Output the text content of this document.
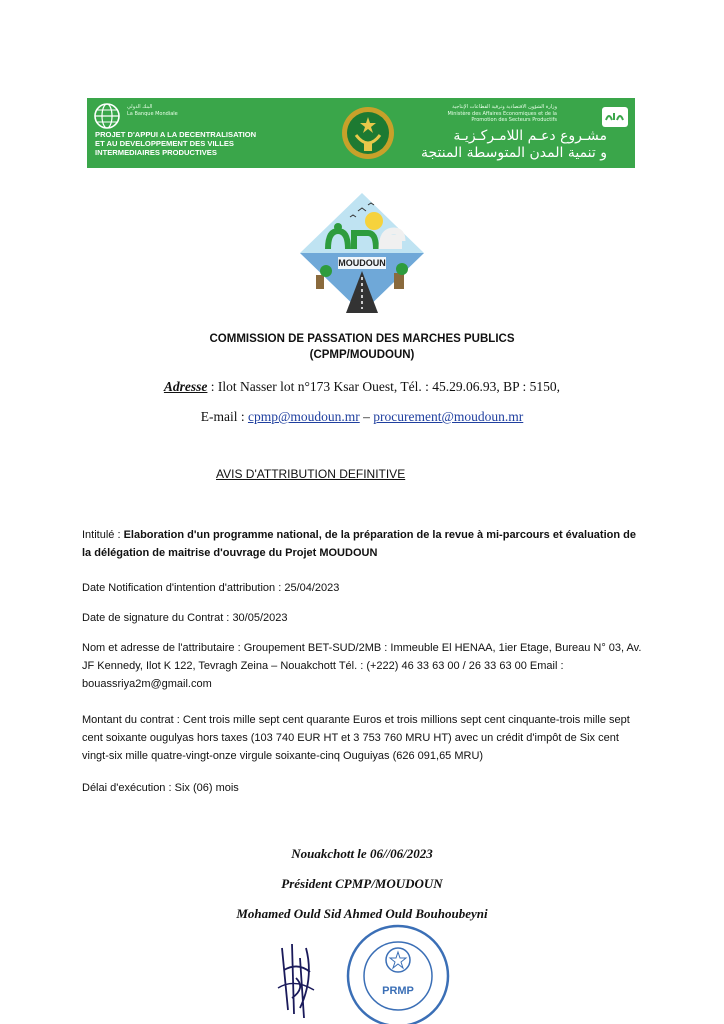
البنك الدولي
La Banque Mondiale
PROJET D'APPUI A LA DECENTRALISATION
ET AU DEVELOPPEMENT DES VILLES
INTERMEDIAIRES PRODUCTIVES
وزارة الشؤون الاقتصادية وترقية القطاعات الإنتاجية
Ministère des Affaires Economiques et de la
Promotion des Secteurs Productifs
مشـروع دعـم اللامـركـزيـة
و تنمية المدن المتوسطة المنتجة
MOUDOUN
COMMISSION DE PASSATION DES MARCHES PUBLICS
(CPMP/MOUDOUN)
Adresse : Ilot Nasser lot n°173 Ksar Ouest, Tél. : 45.29.06.93, BP : 5150,
E-mail : cpmp@moudoun.mr – procurement@moudoun.mr
AVIS D'ATTRIBUTION DEFINITIVE
Intitulé : Elaboration d'un programme national, de la préparation de la revue à mi-parcours et évaluation de la délégation de maitrise d'ouvrage du Projet MOUDOUN
Date Notification d'intention d'attribution : 25/04/2023
Date de signature du Contrat : 30/05/2023
Nom et adresse de l'attributaire : Groupement BET-SUD/2MB : Immeuble El HENAA, 1ier Etage, Bureau N° 03, Av. JF Kennedy, Ilot K 122, Tevragh Zeina – Nouakchott Tél. : (+222) 46 33 63 00 / 26 33 63 00 Email : bouassriya2m@gmail.com
Montant du contrat : Cent trois mille sept cent quarante Euros et trois millions sept cent cinquante-trois mille sept cent soixante ougulyas hors taxes (103 740 EUR HT et 3 753 760 MRU HT) avec un crédit d'impôt de Six cent vingt-six mille quatre-vingt-onze virgule soixante-cinq Ouguiyas (626 091,65 MRU)
Délai d'exécution : Six (06) mois
Nouakchott le 06//06/2023
Président CPMP/MOUDOUN
Mohamed Ould Sid Ahmed Ould Bouhoubeyni
PRMP
